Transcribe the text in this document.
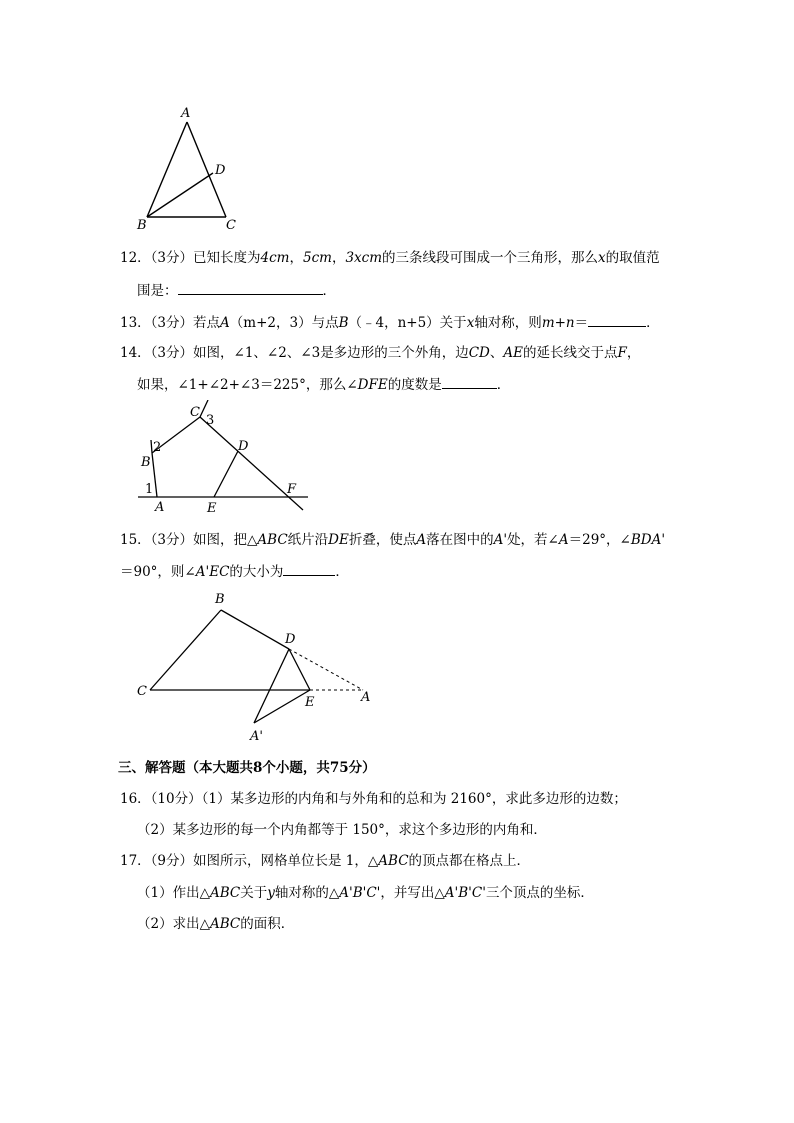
A
B	C
D
12．（3分）已知长度为4cm，5cm，3xcm的三条线段可围成一个三角形，那么x的取值范
围是：	．
13．（3分）若点A（m+2，3）与点B（﹣4，n+5）关于x轴对称，则m+n＝	．
14．（3分）如图，∠1、∠2、∠3是多边形的三个外角，边CD、AE的延长线交于点F，
如果，∠1+∠2+∠3＝225°，那么∠DFE的度数是	．
C
3
2
B
D
1
A	E
F
15．（3分）如图，把△ABC纸片沿DE折叠，使点A落在图中的A'处，若∠A＝29°，∠BDA'
＝90°，则∠A'EC的大小为	．
B
D
C
E	A
A'
三、解答题（本大题共8个小题，共75分）
16．（10分）（1）某多边形的内角和与外角和的总和为 2160°，求此多边形的边数；
（2）某多边形的每一个内角都等于 150°，求这个多边形的内角和．
17．（9分）如图所示，网格单位长是 1，△ABC的顶点都在格点上．
（1）作出△ABC关于y轴对称的△A'B'C'，并写出△A'B'C'三个顶点的坐标．
（2）求出△ABC的面积．
